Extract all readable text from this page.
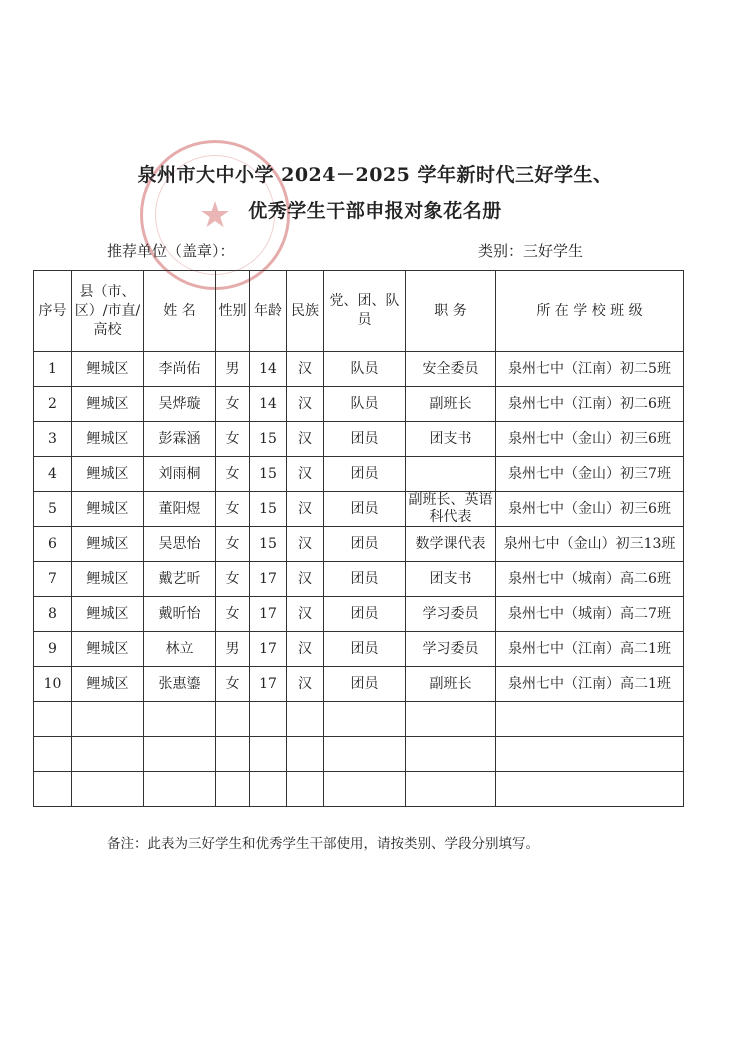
★
泉州市大中小学 2024－2025 学年新时代三好学生、
优秀学生干部申报对象花名册
推荐单位（盖章）：	类别：三好学生
序号	县（市、区）/市直/高校	姓 名	性别	年龄	民族	党、团、队员	职 务	所 在 学 校 班 级
1	鲤城区	李尚佑	男	14	汉	队员	安全委员	泉州七中（江南）初二5班
2	鲤城区	吴烨璇	女	14	汉	队员	副班长	泉州七中（江南）初二6班
3	鲤城区	彭霖涵	女	15	汉	团员	团支书	泉州七中（金山）初三6班
4	鲤城区	刘雨桐	女	15	汉	团员		泉州七中（金山）初三7班
5	鲤城区	董阳煜	女	15	汉	团员	副班长、英语科代表	泉州七中（金山）初三6班
6	鲤城区	吴思怡	女	15	汉	团员	数学课代表	泉州七中（金山）初三13班
7	鲤城区	戴艺昕	女	17	汉	团员	团支书	泉州七中（城南）高二6班
8	鲤城区	戴昕怡	女	17	汉	团员	学习委员	泉州七中（城南）高二7班
9	鲤城区	林立	男	17	汉	团员	学习委员	泉州七中（江南）高二1班
10	鲤城区	张惠鎏	女	17	汉	团员	副班长	泉州七中（江南）高二1班

备注：此表为三好学生和优秀学生干部使用，请按类别、学段分别填写。
